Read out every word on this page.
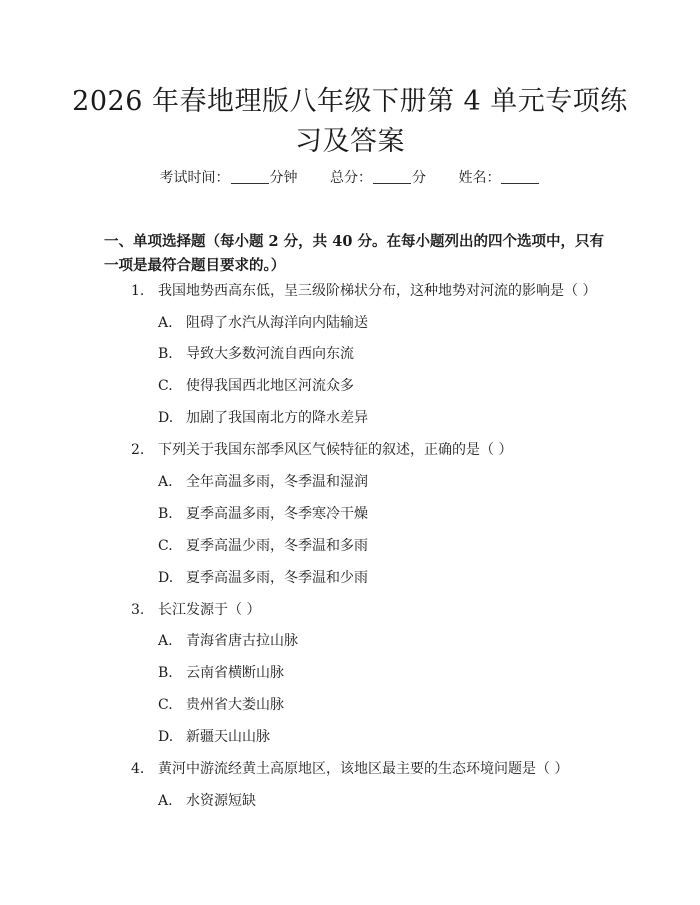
2026 年春地理版八年级下册第 4 单元专项练习及答案
考试时间：	分钟 总分：	分 姓名：
一、单项选择题（每小题 2 分，共 40 分。在每小题列出的四个选项中，只有一项是最符合题目要求的。）
1. 我国地势西高东低，呈三级阶梯状分布，这种地势对河流的影响是（ ）
A. 阻碍了水汽从海洋向内陆输送
B. 导致大多数河流自西向东流
C. 使得我国西北地区河流众多
D. 加剧了我国南北方的降水差异
2. 下列关于我国东部季风区气候特征的叙述，正确的是（ ）
A. 全年高温多雨，冬季温和湿润
B. 夏季高温多雨，冬季寒冷干燥
C. 夏季高温少雨，冬季温和多雨
D. 夏季高温多雨，冬季温和少雨
3. 长江发源于（ ）
A. 青海省唐古拉山脉
B. 云南省横断山脉
C. 贵州省大娄山脉
D. 新疆天山山脉
4. 黄河中游流经黄土高原地区，该地区最主要的生态环境问题是（ ）
A. 水资源短缺
